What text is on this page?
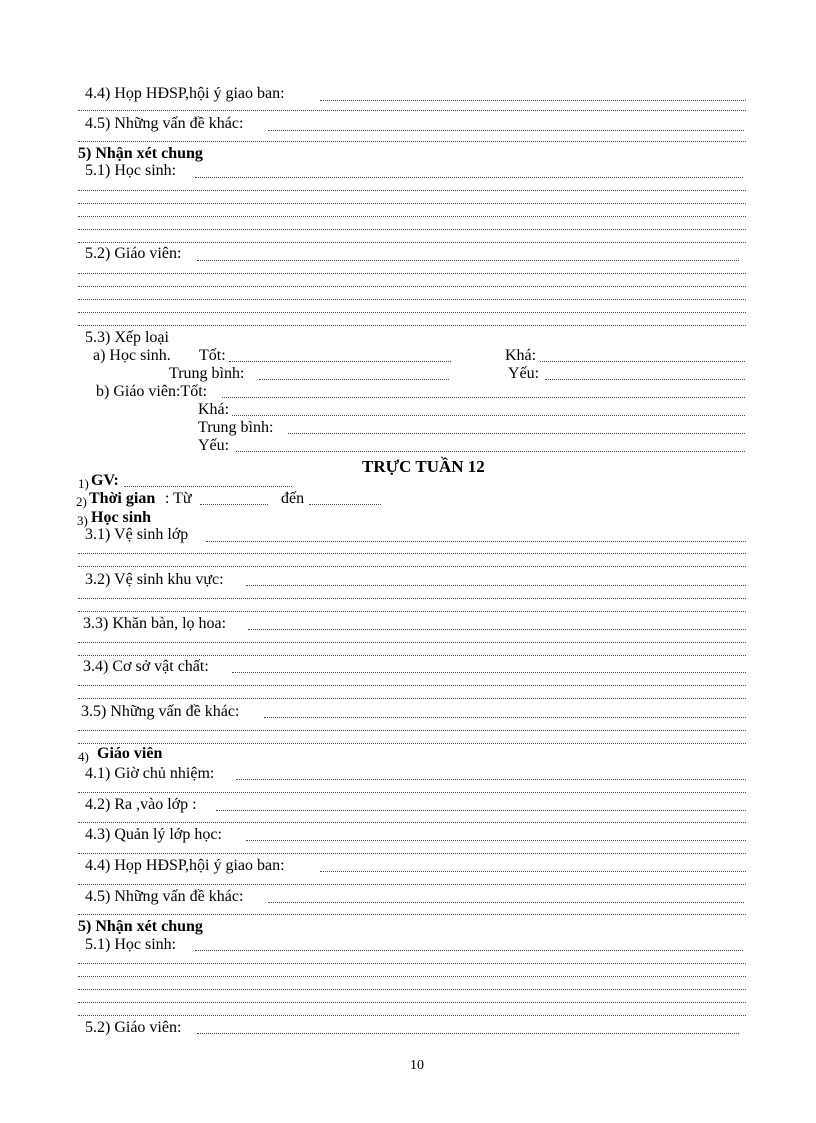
4.4) Họp HĐSP,hội ý giao ban:
4.5) Những vấn đề khác:
5) Nhận xét chung
5.1) Học sinh:
5.2) Giáo viên:
5.3) Xếp loại
a) Học sinh. Tốt:	Khá:
Trung bình:	Yếu:
b) Giáo viên:Tốt:
Khá:
Trung bình:
Yếu:
TRỰC TUẦN 12
1) GV:
2) Thời gian : Từ	đến
3) Học sinh
3.1) Vệ sinh lớp
3.2) Vệ sinh khu vực:
3.3) Khăn bàn, lọ hoa:
3.4) Cơ sở vật chất:
3.5) Những vấn đề khác:
4) Giáo viên
4.1) Giờ chủ nhiệm:
4.2) Ra ,vào lớp :
4.3) Quản lý lớp học:
4.4) Họp HĐSP,hội ý giao ban:
4.5) Những vấn đề khác:
5) Nhận xét chung
5.1) Học sinh:
5.2) Giáo viên:
10
